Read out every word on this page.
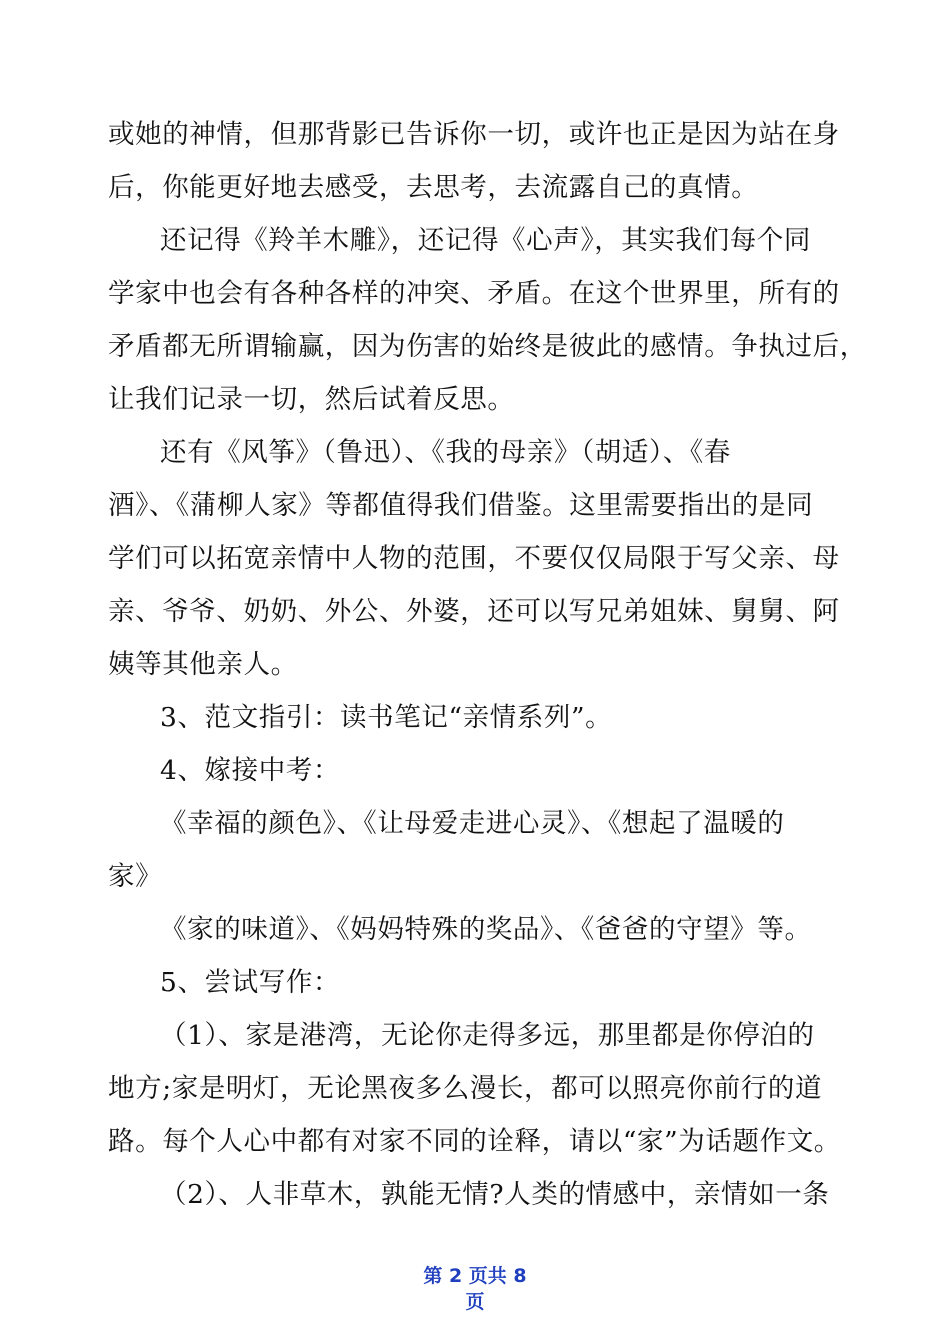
或她的神情，但那背影已告诉你一切，或许也正是因为站在身
后，你能更好地去感受，去思考，去流露自己的真情。
还记得《羚羊木雕》，还记得《心声》，其实我们每个同
学家中也会有各种各样的冲突、矛盾。在这个世界里，所有的
矛盾都无所谓输赢，因为伤害的始终是彼此的感情。争执过后，
让我们记录一切，然后试着反思。
还有《风筝》（鲁迅）、《我的母亲》（胡适）、《春
酒》、《蒲柳人家》等都值得我们借鉴。这里需要指出的是同
学们可以拓宽亲情中人物的范围，不要仅仅局限于写父亲、母
亲、爷爷、奶奶、外公、外婆，还可以写兄弟姐妹、舅舅、阿
姨等其他亲人。
3、范文指引：读书笔记“亲情系列”。
4、嫁接中考：
《幸福的颜色》、《让母爱走进心灵》、《想起了温暖的
家》
《家的味道》、《妈妈特殊的奖品》、《爸爸的守望》等。
5、尝试写作：
（1）、家是港湾，无论你走得多远，那里都是你停泊的
地方;家是明灯，无论黑夜多么漫长，都可以照亮你前行的道
路。每个人心中都有对家不同的诠释，请以“家”为话题作文。
（2）、人非草木，孰能无情?人类的情感中，亲情如一条
第 2 页共 8
页
